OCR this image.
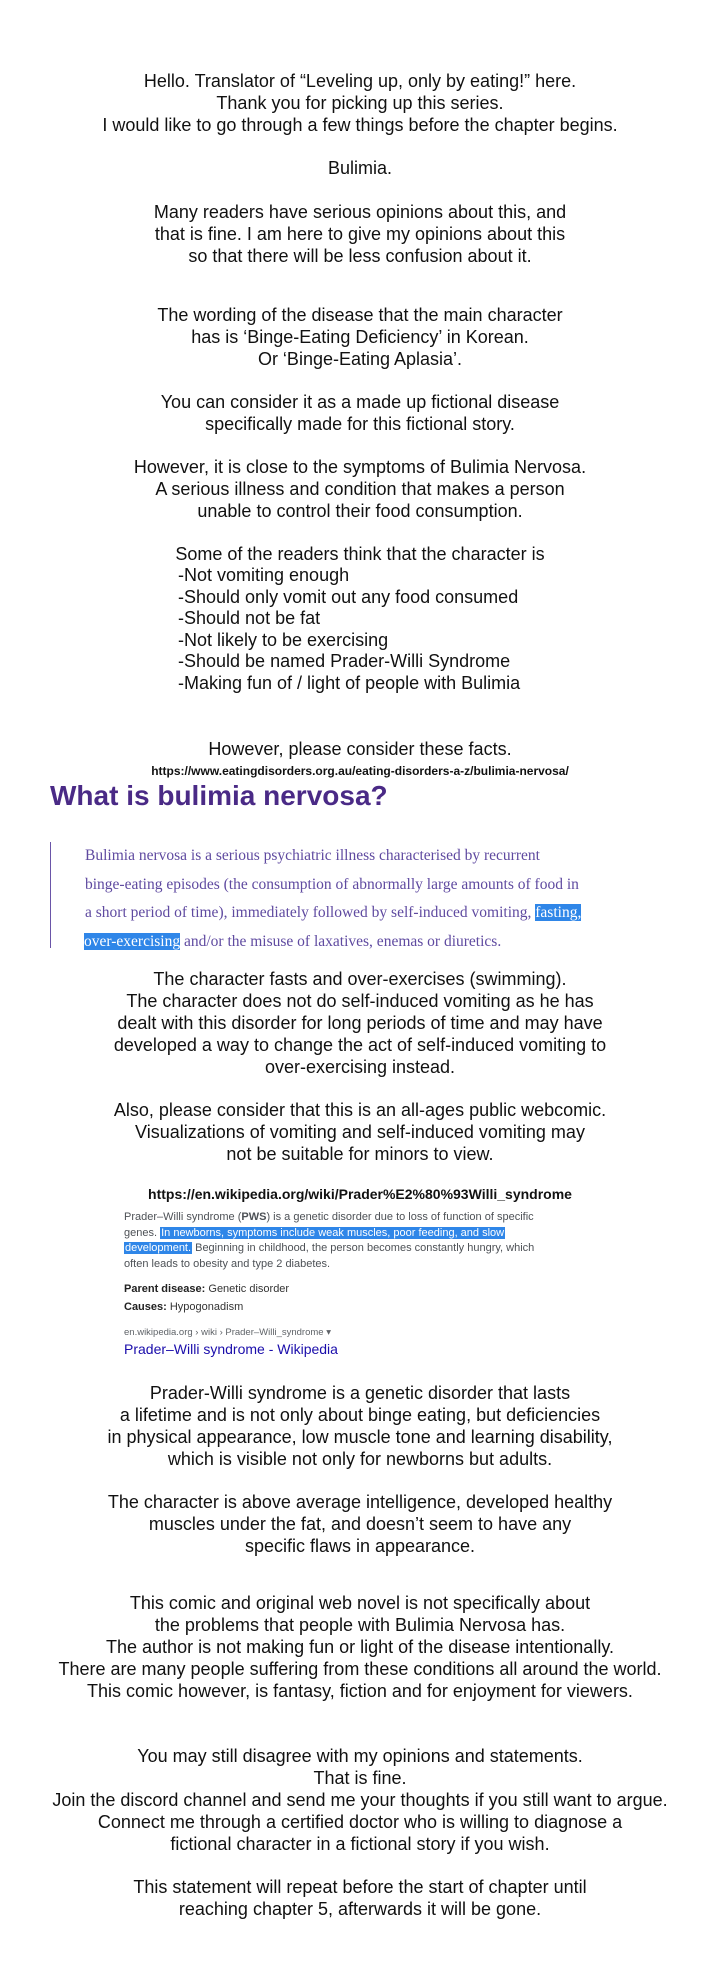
Hello. Translator of “Leveling up, only by eating!” here.
Thank you for picking up this series.
I would like to go through a few things before the chapter begins.
Bulimia.
Many readers have serious opinions about this, and
that is fine. I am here to give my opinions about this
so that there will be less confusion about it.
The wording of the disease that the main character
has is ‘Binge-Eating Deficiency’ in Korean.
Or ‘Binge-Eating Aplasia’.
You can consider it as a made up fictional disease
specifically made for this fictional story.
However, it is close to the symptoms of Bulimia Nervosa.
A serious illness and condition that makes a person
unable to control their food consumption.
Some of the readers think that the character is
-Not vomiting enough
-Should only vomit out any food consumed
-Should not be fat
-Not likely to be exercising
-Should be named Prader-Willi Syndrome
-Making fun of / light of people with Bulimia
However, please consider these facts.
https://www.eatingdisorders.org.au/eating-disorders-a-z/bulimia-nervosa/
What is bulimia nervosa?
Bulimia nervosa is a serious psychiatric illness characterised by recurrent
binge-eating episodes (the consumption of abnormally large amounts of food in
a short period of time), immediately followed by self-induced vomiting, fasting,
over-exercising and/or the misuse of laxatives, enemas or diuretics.
The character fasts and over-exercises (swimming).
The character does not do self-induced vomiting as he has
dealt with this disorder for long periods of time and may have
developed a way to change the act of self-induced vomiting to
over-exercising instead.
Also, please consider that this is an all-ages public webcomic.
Visualizations of vomiting and self-induced vomiting may
not be suitable for minors to view.
https://en.wikipedia.org/wiki/Prader%E2%80%93Willi_syndrome
Prader–Willi syndrome (PWS) is a genetic disorder due to loss of function of specific
genes. In newborns, symptoms include weak muscles, poor feeding, and slow
development. Beginning in childhood, the person becomes constantly hungry, which
often leads to obesity and type 2 diabetes.
Parent disease: Genetic disorder
Causes: Hypogonadism
en.wikipedia.org › wiki › Prader–Willi_syndrome ▾
Prader–Willi syndrome - Wikipedia
Prader-Willi syndrome is a genetic disorder that lasts
a lifetime and is not only about binge eating, but deficiencies
in physical appearance, low muscle tone and learning disability,
which is visible not only for newborns but adults.
The character is above average intelligence, developed healthy
muscles under the fat, and doesn’t seem to have any
specific flaws in appearance.
This comic and original web novel is not specifically about
the problems that people with Bulimia Nervosa has.
The author is not making fun or light of the disease intentionally.
There are many people suffering from these conditions all around the world.
This comic however, is fantasy, fiction and for enjoyment for viewers.
You may still disagree with my opinions and statements.
That is fine.
Join the discord channel and send me your thoughts if you still want to argue.
Connect me through a certified doctor who is willing to diagnose a
fictional character in a fictional story if you wish.
This statement will repeat before the start of chapter until
reaching chapter 5, afterwards it will be gone.
